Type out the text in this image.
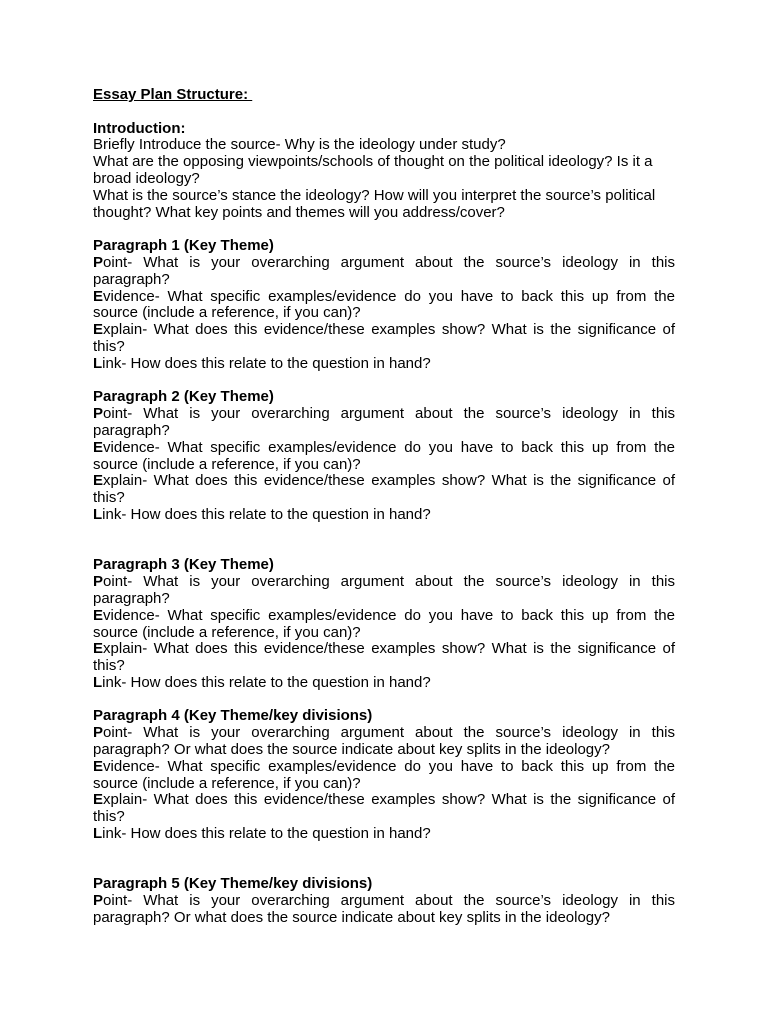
Essay Plan Structure:

Introduction:

Briefly Introduce the source- Why is the ideology under study?

What are the opposing viewpoints/schools of thought on the political ideology? Is it a broad ideology?

What is the source’s stance the ideology? How will you interpret the source’s political thought? What key points and themes will you address/cover?

Paragraph 1 (Key Theme)

Point- What is your overarching argument about the source’s ideology in this paragraph?

Evidence- What specific examples/evidence do you have to back this up from the source (include a reference, if you can)?

Explain- What does this evidence/these examples show? What is the significance of this?

Link- How does this relate to the question in hand?

Paragraph 2 (Key Theme)

Point- What is your overarching argument about the source’s ideology in this paragraph?

Evidence- What specific examples/evidence do you have to back this up from the source (include a reference, if you can)?

Explain- What does this evidence/these examples show? What is the significance of this?

Link- How does this relate to the question in hand?

Paragraph 3 (Key Theme)

Point- What is your overarching argument about the source’s ideology in this paragraph?

Evidence- What specific examples/evidence do you have to back this up from the source (include a reference, if you can)?

Explain- What does this evidence/these examples show? What is the significance of this?

Link- How does this relate to the question in hand?

Paragraph 4 (Key Theme/key divisions)

Point- What is your overarching argument about the source’s ideology in this paragraph? Or what does the source indicate about key splits in the ideology?

Evidence- What specific examples/evidence do you have to back this up from the source (include a reference, if you can)?

Explain- What does this evidence/these examples show? What is the significance of this?

Link- How does this relate to the question in hand?

Paragraph 5 (Key Theme/key divisions)

Point- What is your overarching argument about the source’s ideology in this paragraph? Or what does the source indicate about key splits in the ideology?
